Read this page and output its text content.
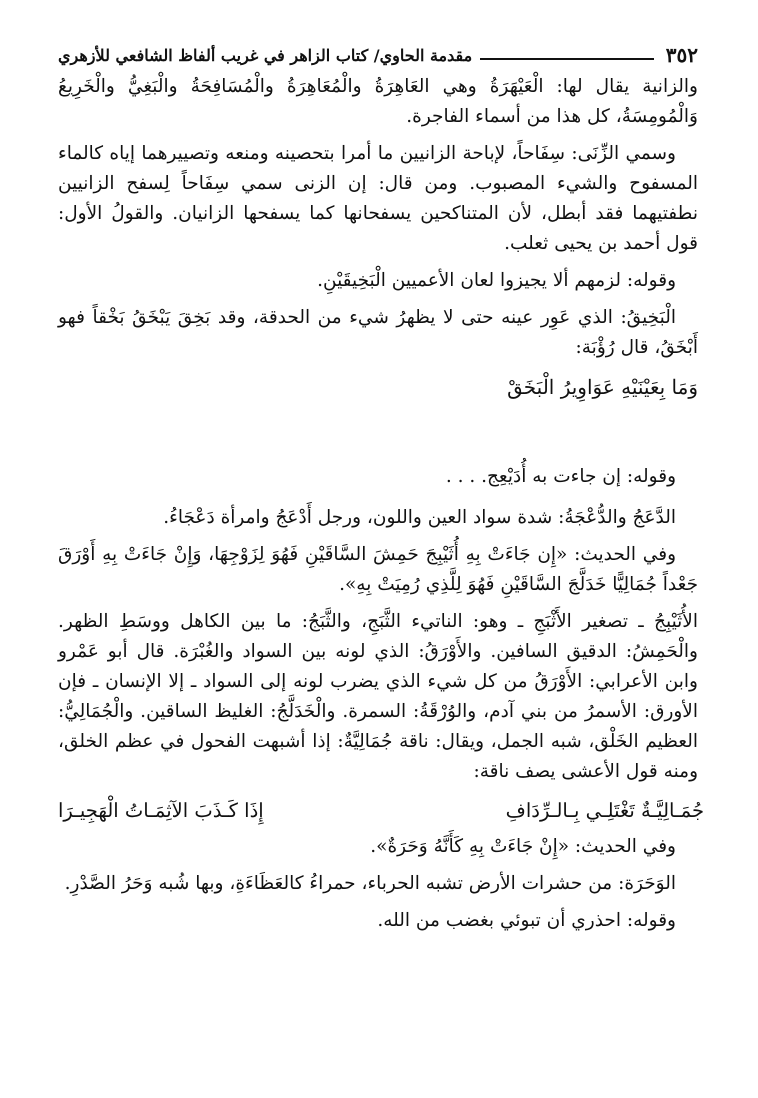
٣٥٢
مقدمة الحاوي/ كتاب الزاهر في غريب ألفاظ الشافعي للأزهري

والزانية يقال لها: الْعَيْهَرَةُ وهي العَاهِرَةُ والْمُعَاهِرَةُ والْمُسَافِحَةُ والْبَغِيُّ والْخَرِيعُ وَالْمُومِسَةُ، كل هذا من أسماء الفاجرة.

وسمي الزِّنَى: سِفَاحاً، لإباحة الزانيين ما أمرا بتحصينه ومنعه وتصييرهما إياه كالماء المسفوح والشيء المصبوب. ومن قال: إن الزنى سمي سِفَاحاً لِسفح الزانيين نطفتيهما فقد أبطل، لأن المتناكحين يسفحانها كما يسفحها الزانيان. والقولُ الأول: قول أحمد بن يحيى ثعلب.

وقوله: لزمهم ألا يجيزوا لعان الأعميين الْبَخِيقَيْنِ.

الْبَخِيقُ: الذي عَوِر عينه حتى لا يظهرُ شيء من الحدقة، وقد بَخِقَ يَبْخَقُ بَخْقاً فهو أَبْخَقُ، قال رُؤْبَة:

وَمَا بِعَيْنَيْهِ عَوَاوِيرُ الْبَخَقْ

وقوله: إن جاءت به أُدَيْعِج. . . .

الدَّعَجُ والدُّعْجَةُ: شدة سواد العين واللون، ورجل أَدْعَجُ وامرأة دَعْجَاءُ.

وفي الحديث: «إِن جَاءَتْ بِهِ أُثَيْبِجَ حَمِشَ السَّاقَيْنِ فَهُوَ لِزَوْجِهَا، وَإِنْ جَاءَتْ بِهِ أَوْرَقَ جَعْداً جُمَالِيًّا خَدَلَّجَ السَّاقَيْنِ فَهُوَ لِلَّذِي رُمِيَتْ بِهِ».

الأُثَيْبِجُ ـ تصغير الأَثْبَجِ ـ وهو: الناتيء الثَّبَجِ، والثَّبَجُ: ما بين الكاهل ووسَطِ الظهر. والْحَمِشُ: الدقيق السافين. والأَوْرَقُ: الذي لونه بين السواد والغُبْرَة. قال أبو عَمْرو وابن الأعرابي: الأَوْرَقُ من كل شيء الذي يضرب لونه إلى السواد ـ إلا الإنسان ـ فإن الأورق: الأسمرُ من بني آدم، والوُرْقَةُ: السمرة. والْخَدَلَّجُ: الغليظ الساقين. والْجُمَالِيُّ: العظيم الخَلْق، شبه الجمل، ويقال: ناقة جُمَالِيَّةٌ: إذا أشبهت الفحول في عظم الخلق، ومنه قول الأعشى يصف ناقة:

جُمَـالِيَّـةٌ تَغْتَلِـي بِـالـرِّدَافِ
إِذَا كَـذَبَ الآثِمَـاتُ الْهَجِيـرَا

وفي الحديث: «إِنْ جَاءَتْ بِهِ كَأَنَّهُ وَحَرَةٌ».

الوَحَرَة: من حشرات الأرض تشبه الحرباء، حمراءُ كالعَظَاءَةِ، وبها شُبه وَحَرُ الصَّدْرِ.

وقوله: احذري أن تبوئي بغضب من الله.
